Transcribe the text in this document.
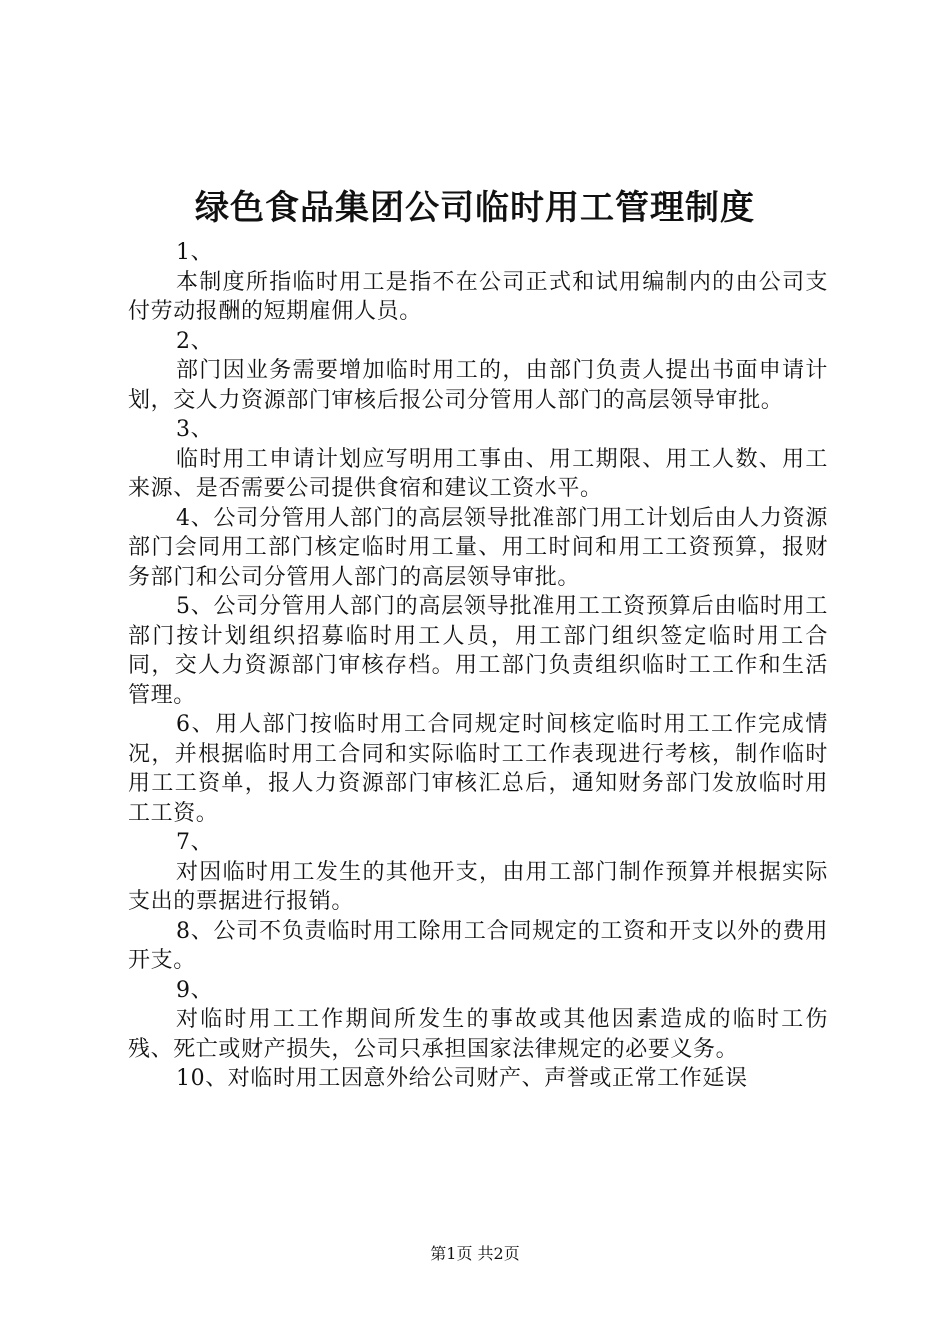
绿色食品集团公司临时用工管理制度

1、

本制度所指临时用工是指不在公司正式和试用编制内的由公司支付劳动报酬的短期雇佣人员。

2、

部门因业务需要增加临时用工的，由部门负责人提出书面申请计划，交人力资源部门审核后报公司分管用人部门的高层领导审批。

3、

临时用工申请计划应写明用工事由、用工期限、用工人数、用工来源、是否需要公司提供食宿和建议工资水平。

4、公司分管用人部门的高层领导批准部门用工计划后由人力资源部门会同用工部门核定临时用工量、用工时间和用工工资预算，报财务部门和公司分管用人部门的高层领导审批。

5、公司分管用人部门的高层领导批准用工工资预算后由临时用工部门按计划组织招募临时用工人员，用工部门组织签定临时用工合同，交人力资源部门审核存档。用工部门负责组织临时工工作和生活管理。

6、用人部门按临时用工合同规定时间核定临时用工工作完成情况，并根据临时用工合同和实际临时工工作表现进行考核，制作临时用工工资单，报人力资源部门审核汇总后，通知财务部门发放临时用工工资。

7、

对因临时用工发生的其他开支，由用工部门制作预算并根据实际支出的票据进行报销。

8、公司不负责临时用工除用工合同规定的工资和开支以外的费用开支。

9、

对临时用工工作期间所发生的事故或其他因素造成的临时工伤残、死亡或财产损失，公司只承担国家法律规定的必要义务。

10、对临时用工因意外给公司财产、声誉或正常工作延误

第1页 共2页
